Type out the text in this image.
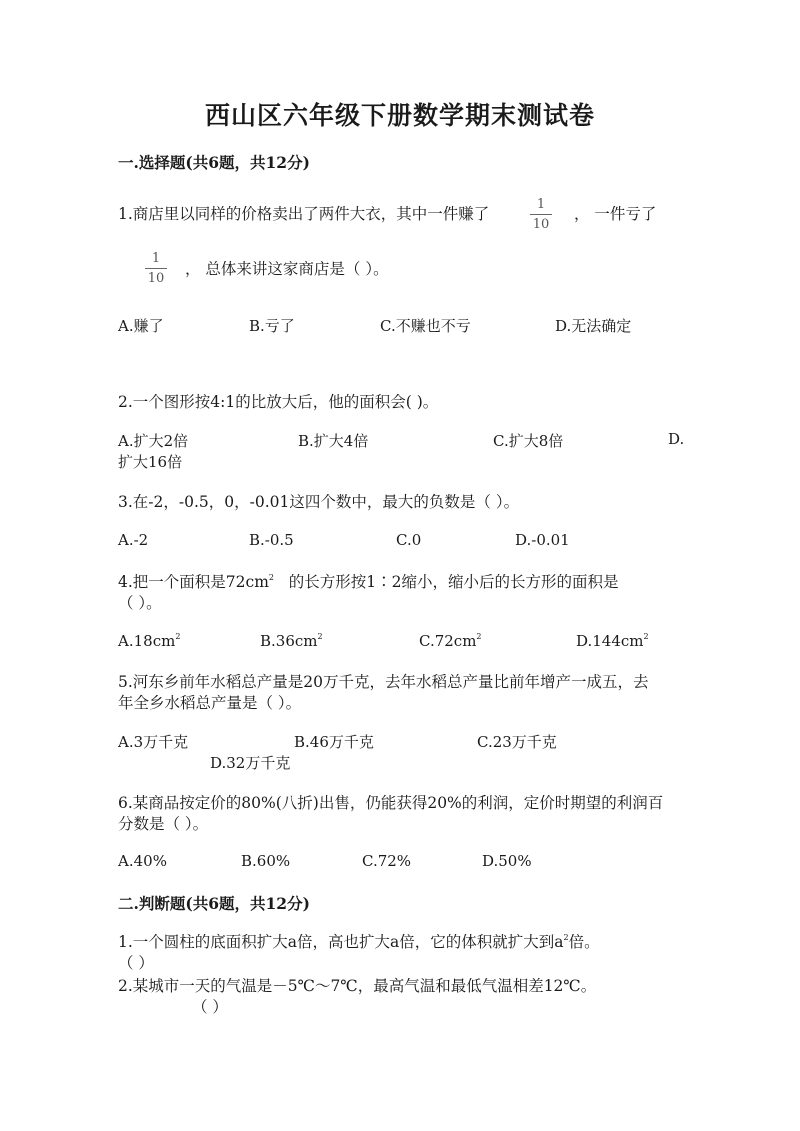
西山区六年级下册数学期末测试卷
一.选择题(共6题，共12分)
1.商店里以同样的价格卖出了两件大衣，其中一件赚了
1
10
， 一件亏了
1
10
， 总体来讲这家商店是（ ）。
A.赚了	B.亏了	C.不赚也不亏	D.无法确定
2.一个图形按4:1的比放大后，他的面积会( )。
A.扩大2倍	B.扩大4倍	C.扩大8倍	D.
扩大16倍
3.在-2，-0.5，0，-0.01这四个数中，最大的负数是（ ）。
A.-2	B.-0.5	C.0	D.-0.01
4.把一个面积是$72cm^2$ 的长方形按1∶2缩小，缩小后的长方形的面积是
（ ）。
$A.18cm^2$	$B.36cm^2$	$C.72cm^2$	$D.144cm^2$
5.河东乡前年水稻总产量是20万千克，去年水稻总产量比前年增产一成五，去
年全乡水稻总产量是（ ）。
A.3万千克	B.46万千克	C.23万千克
D.32万千克
6.某商品按定价的80%(八折)出售，仍能获得20%的利润，定价时期望的利润百
分数是（ ）。
A.40%	B.60%	C.72%	D.50%
二.判断题(共6题，共12分)
1.一个圆柱的底面积扩大a倍，高也扩大a倍，它的体积就扩大到$a^2$倍。
（ ）
2.某城市一天的气温是－5℃～7℃，最高气温和最低气温相差12℃。
（ ）
